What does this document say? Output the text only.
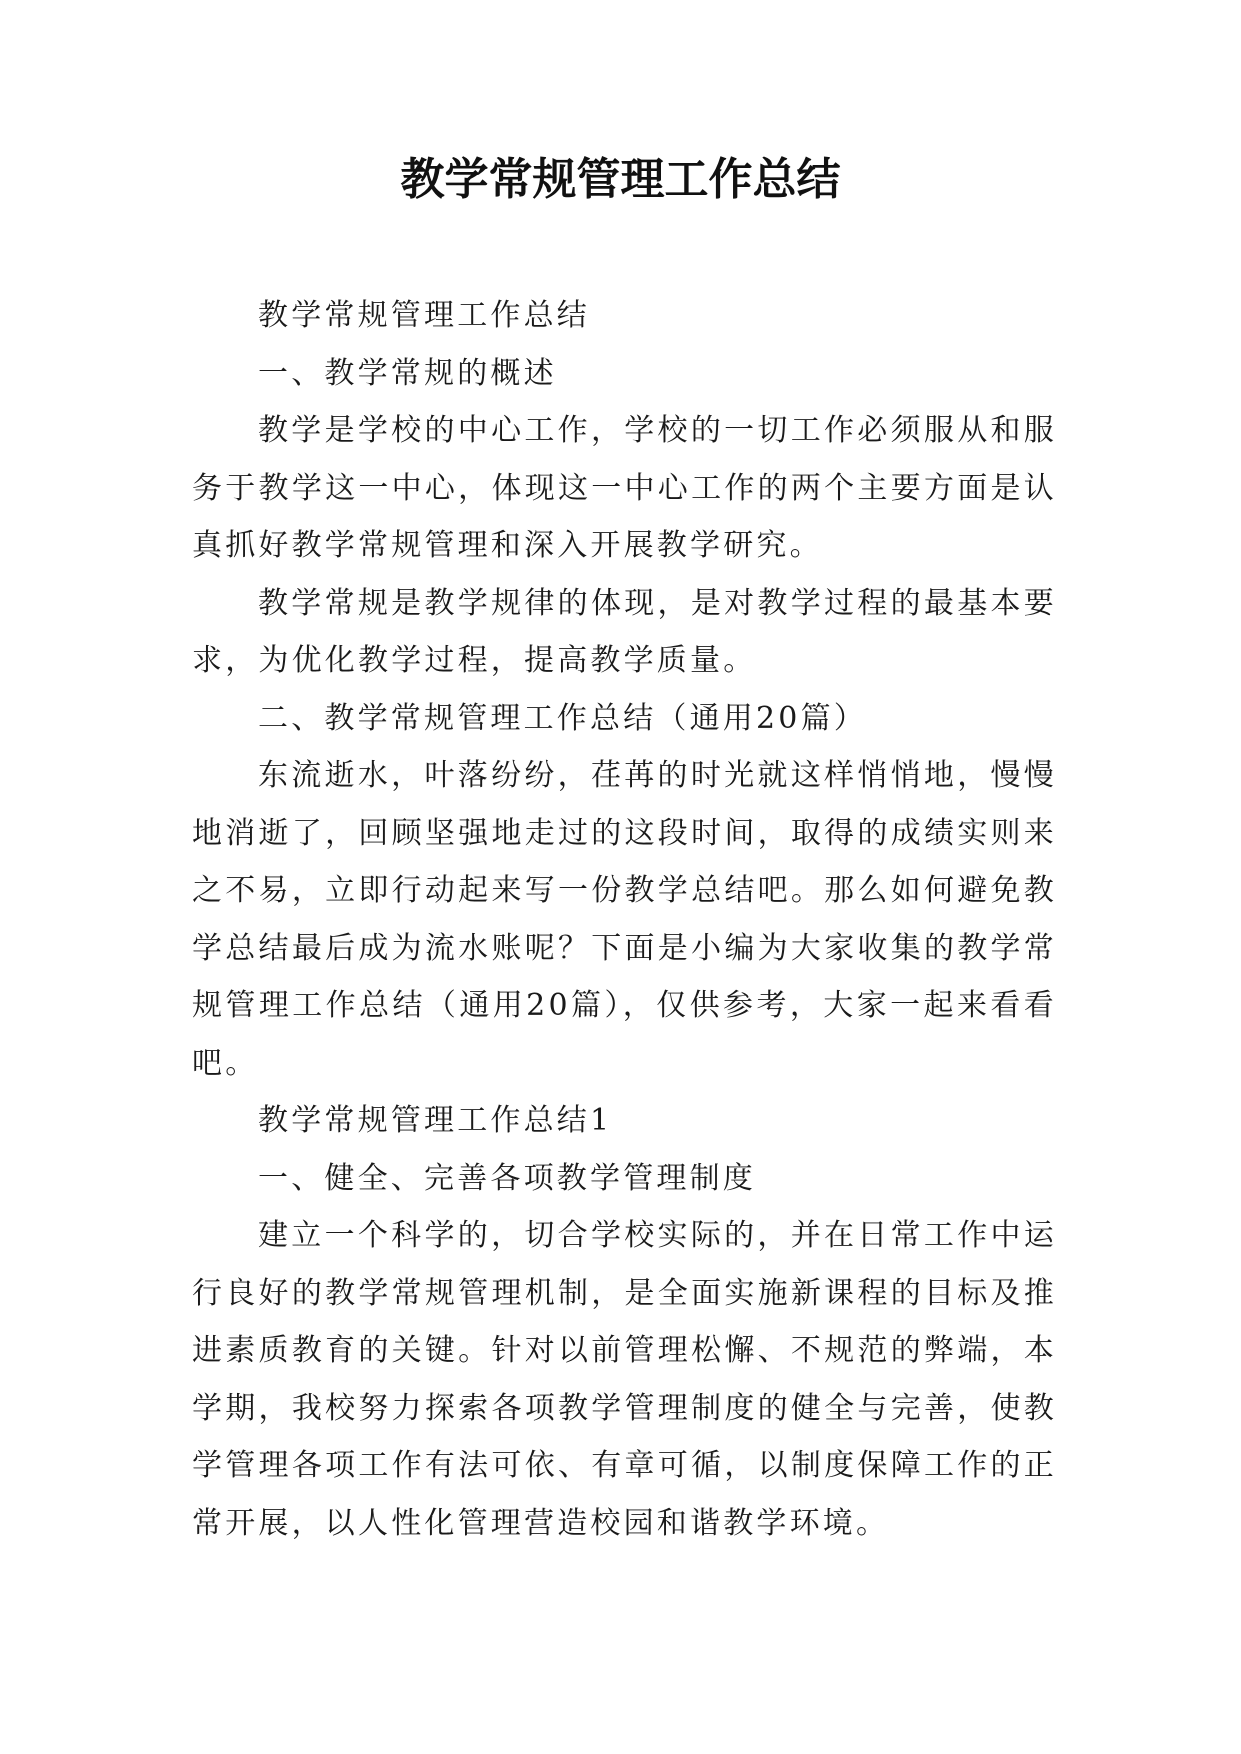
教学常规管理工作总结

教学常规管理工作总结

一、教学常规的概述

教学是学校的中心工作，学校的一切工作必须服从和服务于教学这一中心，体现这一中心工作的两个主要方面是认真抓好教学常规管理和深入开展教学研究。

教学常规是教学规律的体现，是对教学过程的最基本要求，为优化教学过程，提高教学质量。

二、教学常规管理工作总结（通用20篇）

东流逝水，叶落纷纷，荏苒的时光就这样悄悄地，慢慢地消逝了，回顾坚强地走过的这段时间，取得的成绩实则来之不易，立即行动起来写一份教学总结吧。那么如何避免教学总结最后成为流水账呢？下面是小编为大家收集的教学常规管理工作总结（通用20篇），仅供参考，大家一起来看看吧。

教学常规管理工作总结1

一、健全、完善各项教学管理制度

建立一个科学的，切合学校实际的，并在日常工作中运行良好的教学常规管理机制，是全面实施新课程的目标及推进素质教育的关键。针对以前管理松懈、不规范的弊端，本学期，我校努力探索各项教学管理制度的健全与完善，使教学管理各项工作有法可依、有章可循，以制度保障工作的正常开展，以人性化管理营造校园和谐教学环境。
